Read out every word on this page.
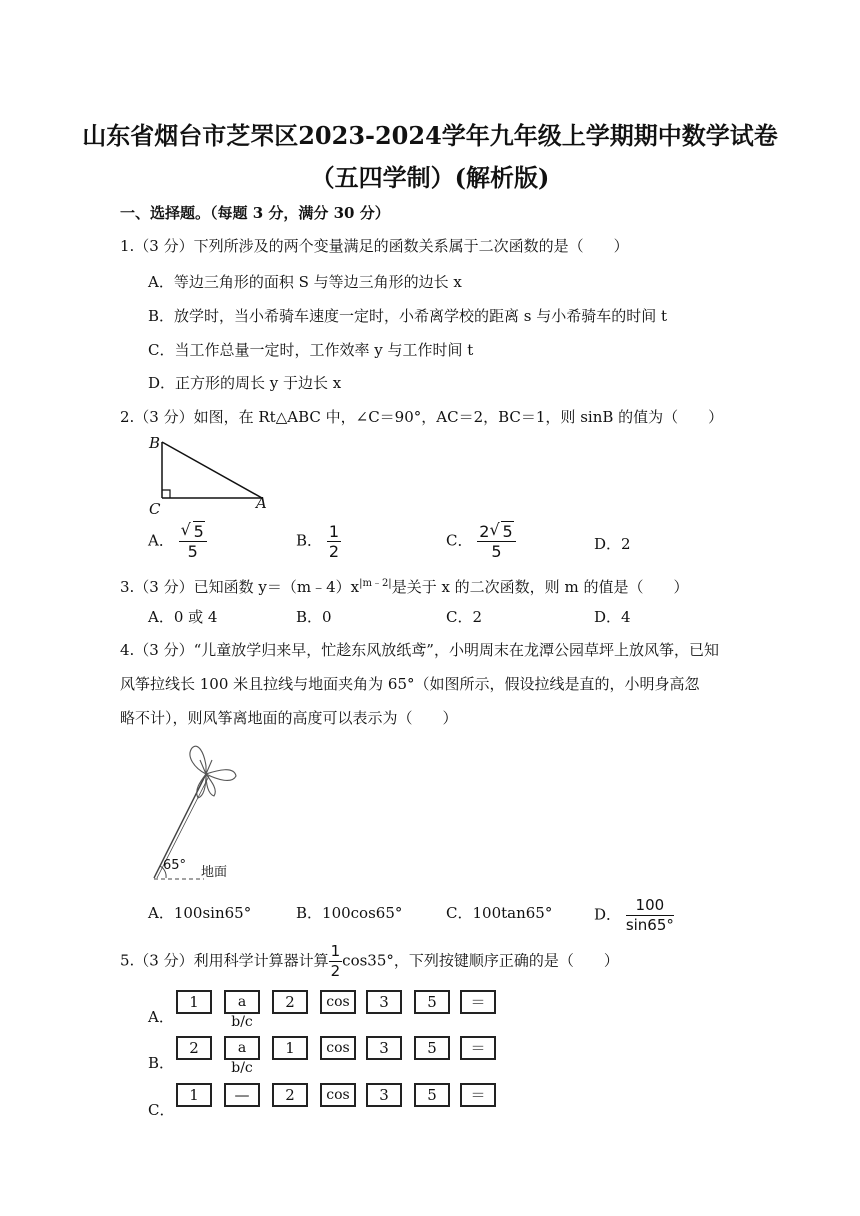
山东省烟台市芝罘区2023-2024学年九年级上学期期中数学试卷
（五四学制）(解析版)
一、选择题。（每题 3 分，满分 30 分）
1.（3 分）下列所涉及的两个变量满足的函数关系属于二次函数的是（　　）
A．等边三角形的面积 S 与等边三角形的边长 x
B．放学时，当小希骑车速度一定时，小希离学校的距离 s 与小希骑车的时间 t
C．当工作总量一定时，工作效率 y 与工作时间 t
D．正方形的周长 y 于边长 x
2.（3 分）如图，在 Rt△ABC 中，∠C＝90°，AC＝2，BC＝1，则 sinB 的值为（　　）
B
C	A
A． √ $\frac{5}{5}$	B． $\frac{1}{2}$	C． $\frac{2 √ 5}{5}$	D．2
3.（3 分）已知函数 $y=(m﹣4)x^{|m﹣2|}$是关于 x 的二次函数，则 m 的值是（　　）
A．0 或 4	B．0	C．2	D．4
4.（3 分）“儿童放学归来早，忙趁东风放纸鸢”，小明周末在龙潭公园草坪上放风筝，已知
风筝拉线长 100 米且拉线与地面夹角为 65°（如图所示，假设拉线是直的，小明身高忽
略不计），则风筝离地面的高度可以表示为（　　）
65° 地面
A．100sin65°	B．100cos65°	C．100tan65°	D． $\frac{100}{\sin 65^\circ}$
5.（3 分）利用科学计算器计算 $\frac{1}{2} \cos 35^\circ$，下列按键顺序正确的是（　　）
A．
1	a b/c
2	cos	3	5	＝
B．
2	a b/c
1	cos	3	5	＝
C．
1	—	2	cos	3	5	＝
